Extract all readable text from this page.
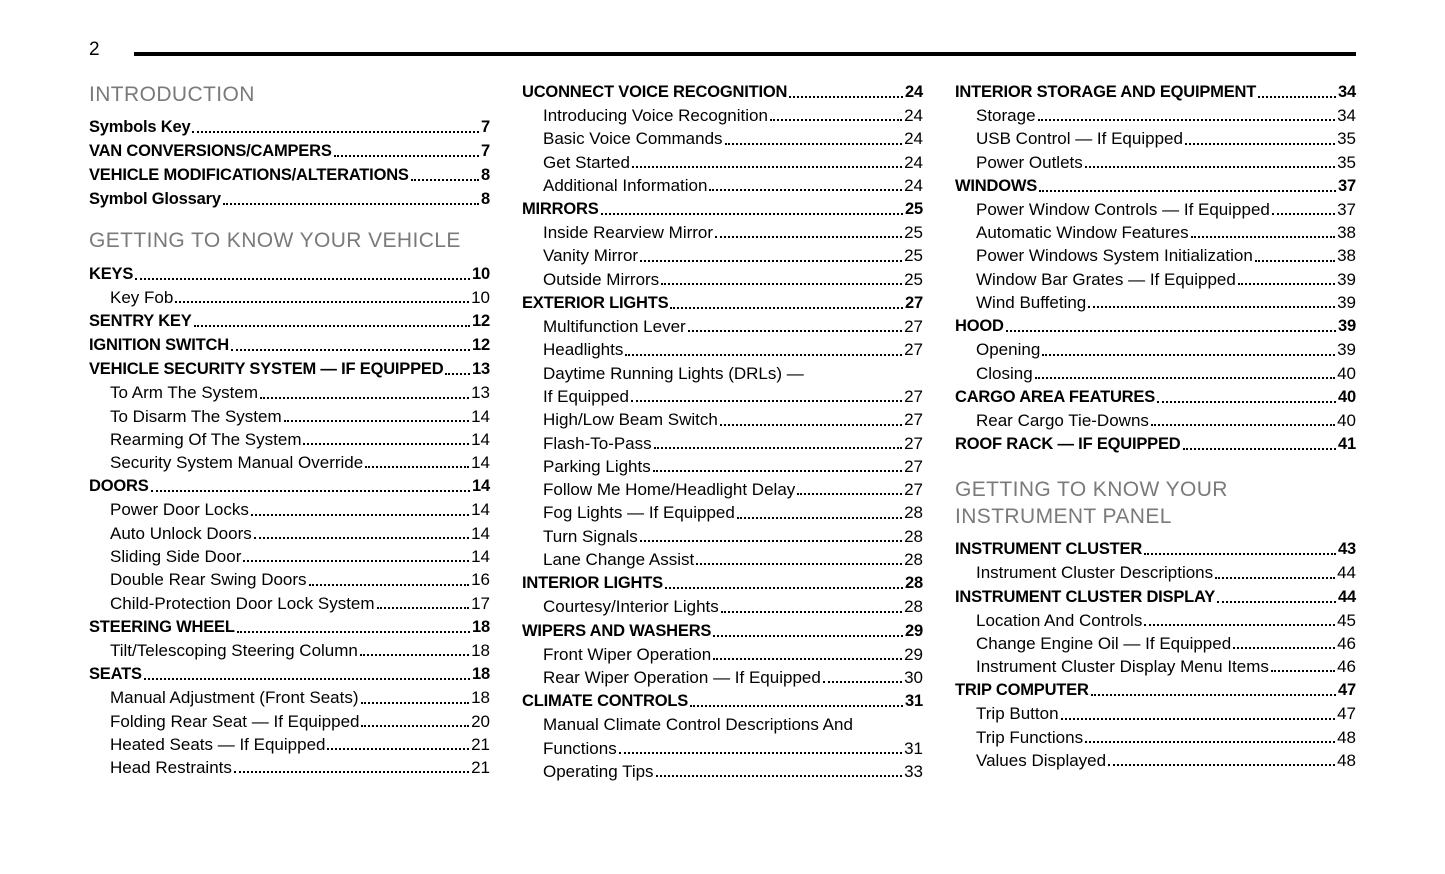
2
INTRODUCTION
Symbols Key	7
VAN CONVERSIONS/CAMPERS	7
VEHICLE MODIFICATIONS/ALTERATIONS	8
Symbol Glossary	8
GETTING TO KNOW YOUR VEHICLE
KEYS	10
Key Fob	10
SENTRY KEY	12
IGNITION SWITCH	12
VEHICLE SECURITY SYSTEM — IF EQUIPPED 13
To Arm The System	13
To Disarm The System	14
Rearming Of The System	14
Security System Manual Override	14
DOORS	14
Power Door Locks	14
Auto Unlock Doors	14
Sliding Side Door	14
Double Rear Swing Doors	16
Child-Protection Door Lock System	17
STEERING WHEEL	18
Tilt/Telescoping Steering Column	18
SEATS	18
Manual Adjustment (Front Seats)	18
Folding Rear Seat — If Equipped	20
Heated Seats — If Equipped	21
Head Restraints	21
UCONNECT VOICE RECOGNITION	24
Introducing Voice Recognition	24
Basic Voice Commands	24
Get Started	24
Additional Information	24
MIRRORS	25
Inside Rearview Mirror	25
Vanity Mirror	25
Outside Mirrors	25
EXTERIOR LIGHTS	27
Multifunction Lever	27
Headlights	27
Daytime Running Lights (DRLs) —
If Equipped	27
High/Low Beam Switch	27
Flash-To-Pass	27
Parking Lights	27
Follow Me Home/Headlight Delay	27
Fog Lights — If Equipped	28
Turn Signals	28
Lane Change Assist	28
INTERIOR LIGHTS	28
Courtesy/Interior Lights	28
WIPERS AND WASHERS	29
Front Wiper Operation	29
Rear Wiper Operation — If Equipped	30
CLIMATE CONTROLS	31
Manual Climate Control Descriptions And
Functions	31
Operating Tips	33
INTERIOR STORAGE AND EQUIPMENT	34
Storage	34
USB Control — If Equipped	35
Power Outlets	35
WINDOWS	37
Power Window Controls — If Equipped	37
Automatic Window Features	38
Power Windows System Initialization	38
Window Bar Grates — If Equipped	39
Wind Buffeting	39
HOOD	39
Opening	39
Closing	40
CARGO AREA FEATURES	40
Rear Cargo Tie-Downs	40
ROOF RACK — IF EQUIPPED	41
GETTING TO KNOW YOUR
INSTRUMENT PANEL
INSTRUMENT CLUSTER	43
Instrument Cluster Descriptions	44
INSTRUMENT CLUSTER DISPLAY	44
Location And Controls	45
Change Engine Oil — If Equipped	46
Instrument Cluster Display Menu Items	46
TRIP COMPUTER	47
Trip Button	47
Trip Functions	48
Values Displayed	48
